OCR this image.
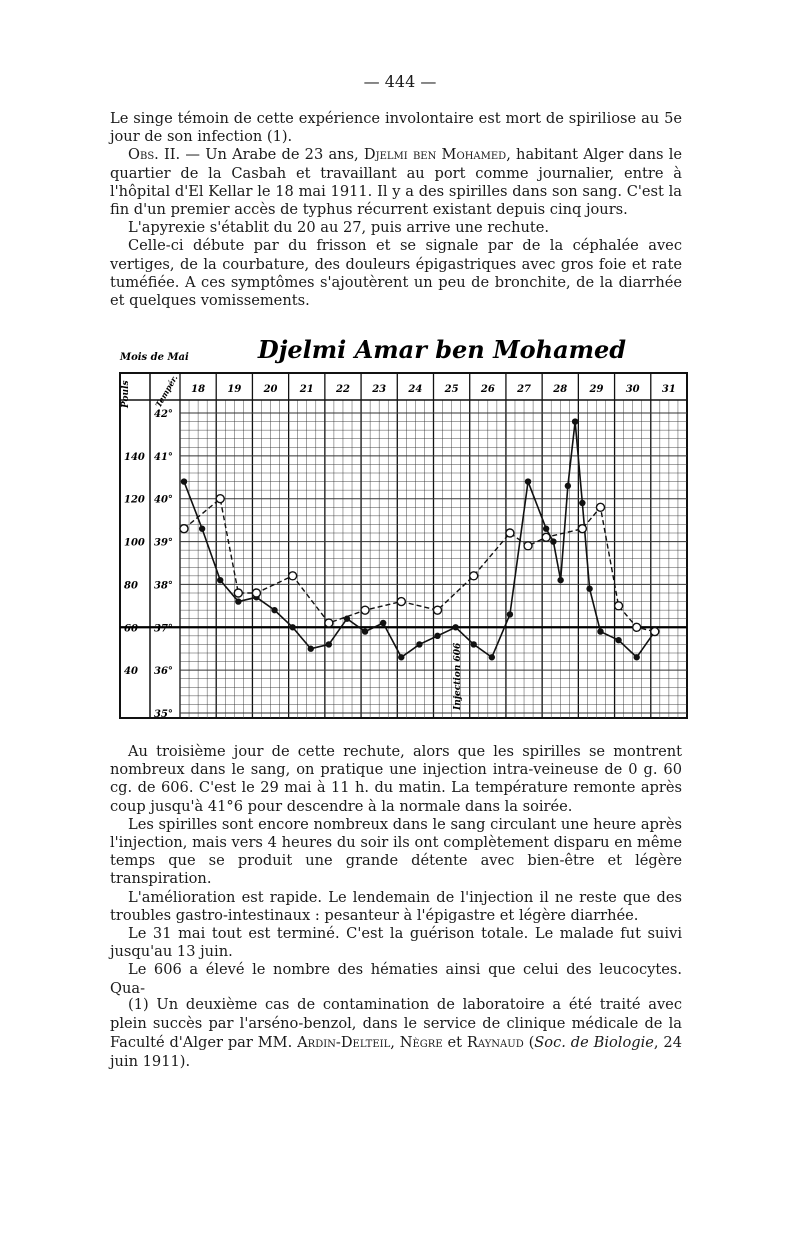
— 444 —

Le singe témoin de cette expérience involontaire est mort de spiriliose au 5e jour de son infection (1).

Obs. II. — Un Arabe de 23 ans, Djelmi ben Mohamed, habitant Alger dans le quartier de la Casbah et travaillant au port comme journalier, entre à l'hôpital d'El Kellar le 18 mai 1911. Il y a des spirilles dans son sang. C'est la fin d'un premier accès de typhus récurrent existant depuis cinq jours.

L'apyrexie s'établit du 20 au 27, puis arrive une rechute.

Celle-ci débute par du frisson et se signale par de la céphalée avec vertiges, de la courbature, des douleurs épigastriques avec gros foie et rate tuméfiée. A ces symptômes s'ajoutèrent un peu de bronchite, de la diarrhée et quelques vomissements.

Mois de Mai	Djelmi Amar ben Mohamed
Pouls	Tempér. 18 19 20 21 22 23 24 25 26 27 28 29 30 31
42°
41°
40°
39°
38°
37°
36°
35°
140
120
100
80
60
40	Injection 606

Au troisième jour de cette rechute, alors que les spirilles se montrent nombreux dans le sang, on pratique une injection intra-veineuse de 0 g. 60 cg. de 606. C'est le 29 mai à 11 h. du matin. La température remonte après coup jusqu'à 41°6 pour descendre à la normale dans la soirée.

Les spirilles sont encore nombreux dans le sang circulant une heure après l'injection, mais vers 4 heures du soir ils ont complètement disparu en même temps que se produit une grande détente avec bien-être et légère transpiration.

L'amélioration est rapide. Le lendemain de l'injection il ne reste que des troubles gastro-intestinaux : pesanteur à l'épigastre et légère diarrhée.

Le 31 mai tout est terminé. C'est la guérison totale. Le malade fut suivi jusqu'au 13 juin.

Le 606 a élevé le nombre des hématies ainsi que celui des leucocytes. Qua-

(1) Un deuxième cas de contamination de laboratoire a été traité avec plein succès par l'arséno-benzol, dans le service de clinique médicale de la Faculté d'Alger par MM. Ardin-Delteil, Nègre et Raynaud (Soc. de Biologie, 24 juin 1911).
